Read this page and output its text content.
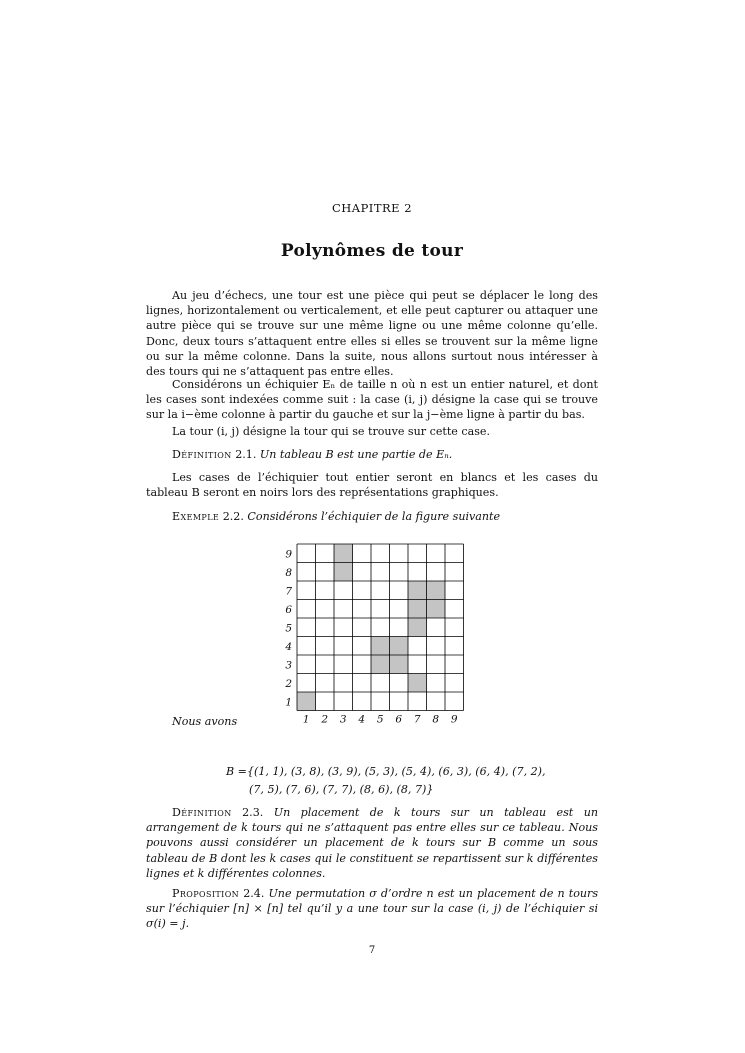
CHAPITRE 2
Polynômes de tour

Au jeu d’échecs, une tour est une pièce qui peut se déplacer le long des lignes, horizontalement ou verticalement, et elle peut capturer ou attaquer une autre pièce qui se trouve sur une même ligne ou une même colonne qu’elle. Donc, deux tours s’attaquent entre elles si elles se trouvent sur la même ligne ou sur la même colonne. Dans la suite, nous allons surtout nous intéresser à des tours qui ne s’attaquent pas entre elles.

Considérons un échiquier Eₙ de taille n où n est un entier naturel, et dont les cases sont indexées comme suit : la case (i, j) désigne la case qui se trouve sur la i−ème colonne à partir du gauche et sur la j−ème ligne à partir du bas.

La tour (i, j) désigne la tour qui se trouve sur cette case.

Définition 2.1. Un tableau B est une partie de Eₙ.

Les cases de l’échiquier tout entier seront en blancs et les cases du tableau B seront en noirs lors des représentations graphiques.

Exemple 2.2. Considérons l’échiquier de la figure suivante

9
8
7
6
5
4
3
2
1
1 2 3 4 5 6 7 8 9
Nous avons
B ={(1, 1), (3, 8), (3, 9), (5, 3), (5, 4), (6, 3), (6, 4), (7, 2),
(7, 5), (7, 6), (7, 7), (8, 6), (8, 7)}

Définition 2.3. Un placement de k tours sur un tableau est un arrangement de k tours qui ne s’attaquent pas entre elles sur ce tableau. Nous pouvons aussi considérer un placement de k tours sur B comme un sous tableau de B dont les k cases qui le constituent se repartissent sur k différentes lignes et k différentes colonnes.

Proposition 2.4. Une permutation σ d’ordre n est un placement de n tours sur l’échiquier [n] × [n] tel qu’il y a une tour sur la case (i, j) de l’échiquier si σ(i) = j.

7
